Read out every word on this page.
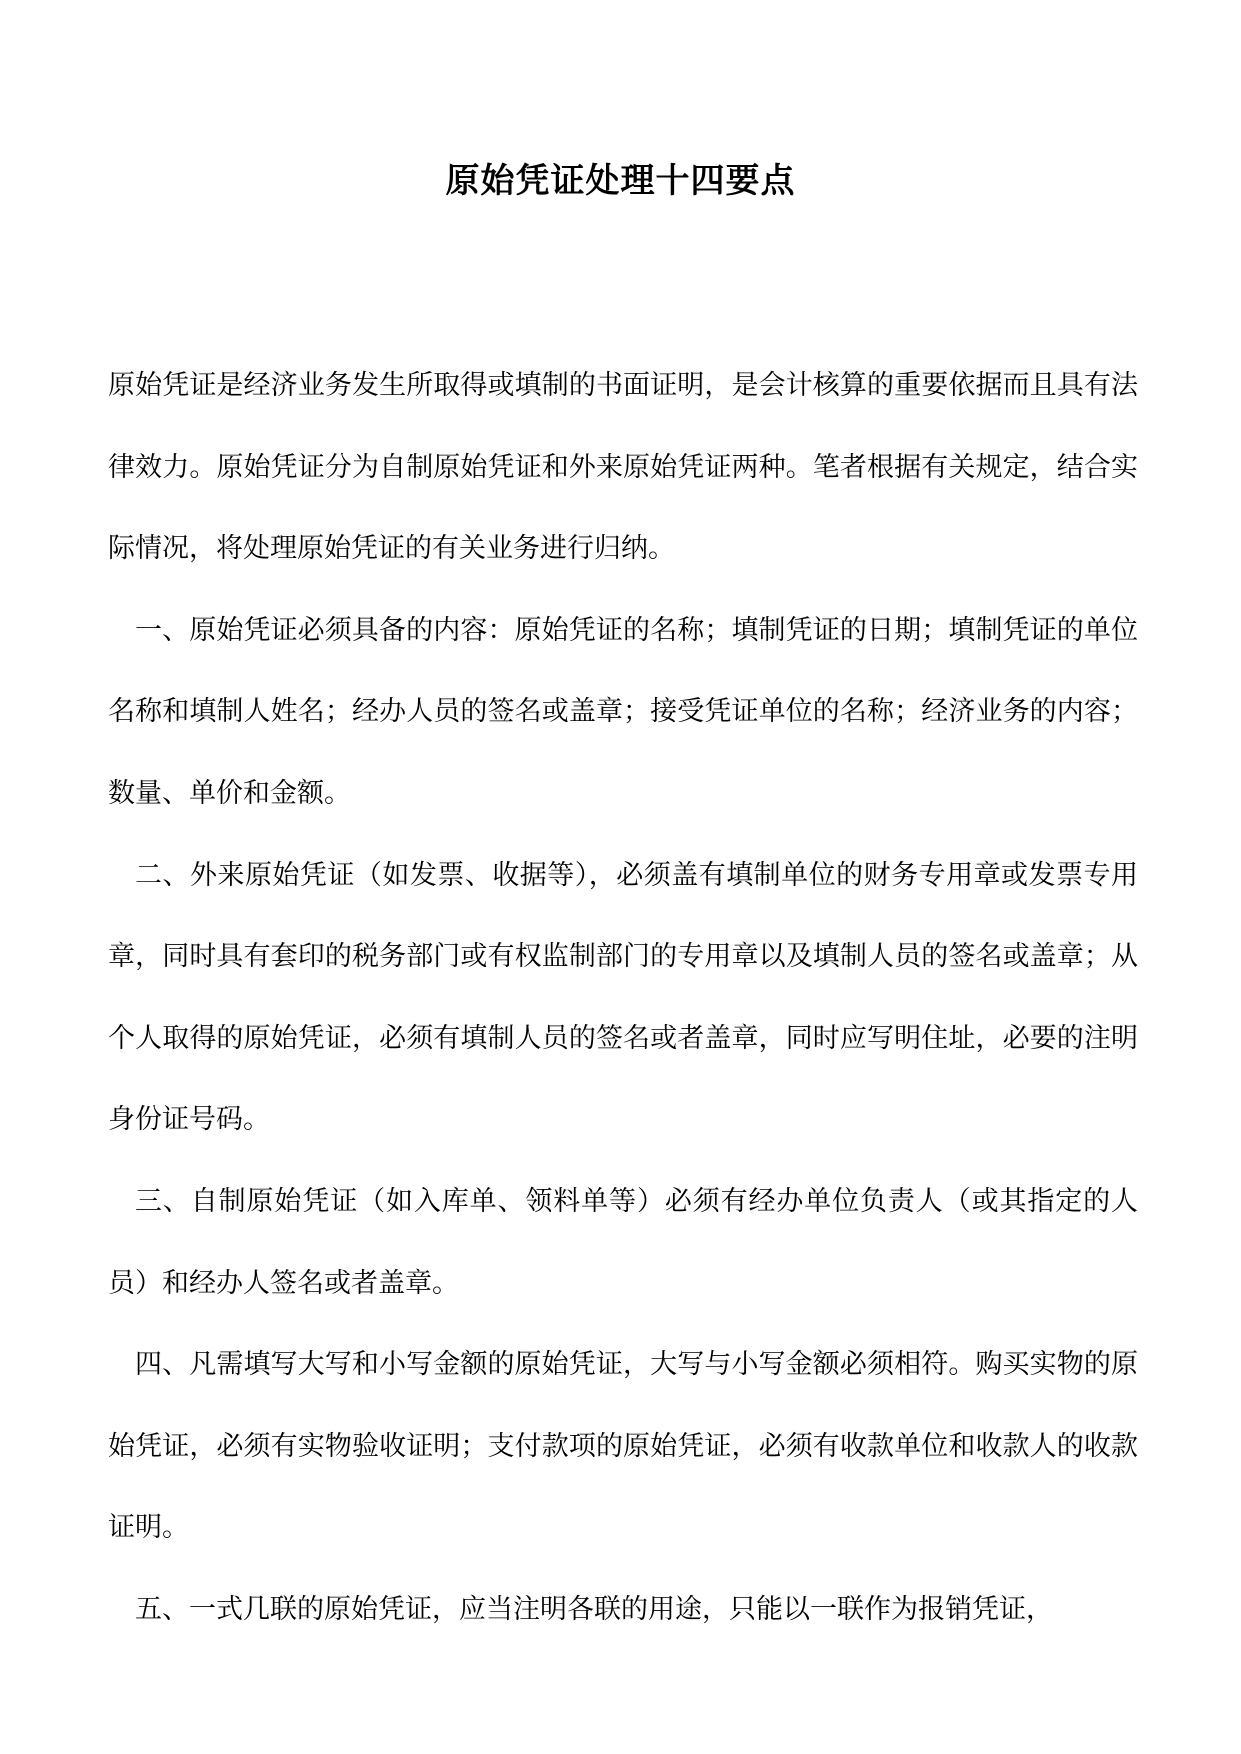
原始凭证处理十四要点

原始凭证是经济业务发生所取得或填制的书面证明，是会计核算的重要依据而且具有法律效力。原始凭证分为自制原始凭证和外来原始凭证两种。笔者根据有关规定，结合实际情况，将处理原始凭证的有关业务进行归纳。

一、原始凭证必须具备的内容：原始凭证的名称；填制凭证的日期；填制凭证的单位名称和填制人姓名；经办人员的签名或盖章；接受凭证单位的名称；经济业务的内容；数量、单价和金额。

二、外来原始凭证（如发票、收据等），必须盖有填制单位的财务专用章或发票专用章，同时具有套印的税务部门或有权监制部门的专用章以及填制人员的签名或盖章；从个人取得的原始凭证，必须有填制人员的签名或者盖章，同时应写明住址，必要的注明身份证号码。

三、自制原始凭证（如入库单、领料单等）必须有经办单位负责人（或其指定的人员）和经办人签名或者盖章。

四、凡需填写大写和小写金额的原始凭证，大写与小写金额必须相符。购买实物的原始凭证，必须有实物验收证明；支付款项的原始凭证，必须有收款单位和收款人的收款证明。

五、一式几联的原始凭证，应当注明各联的用途，只能以一联作为报销凭证，
